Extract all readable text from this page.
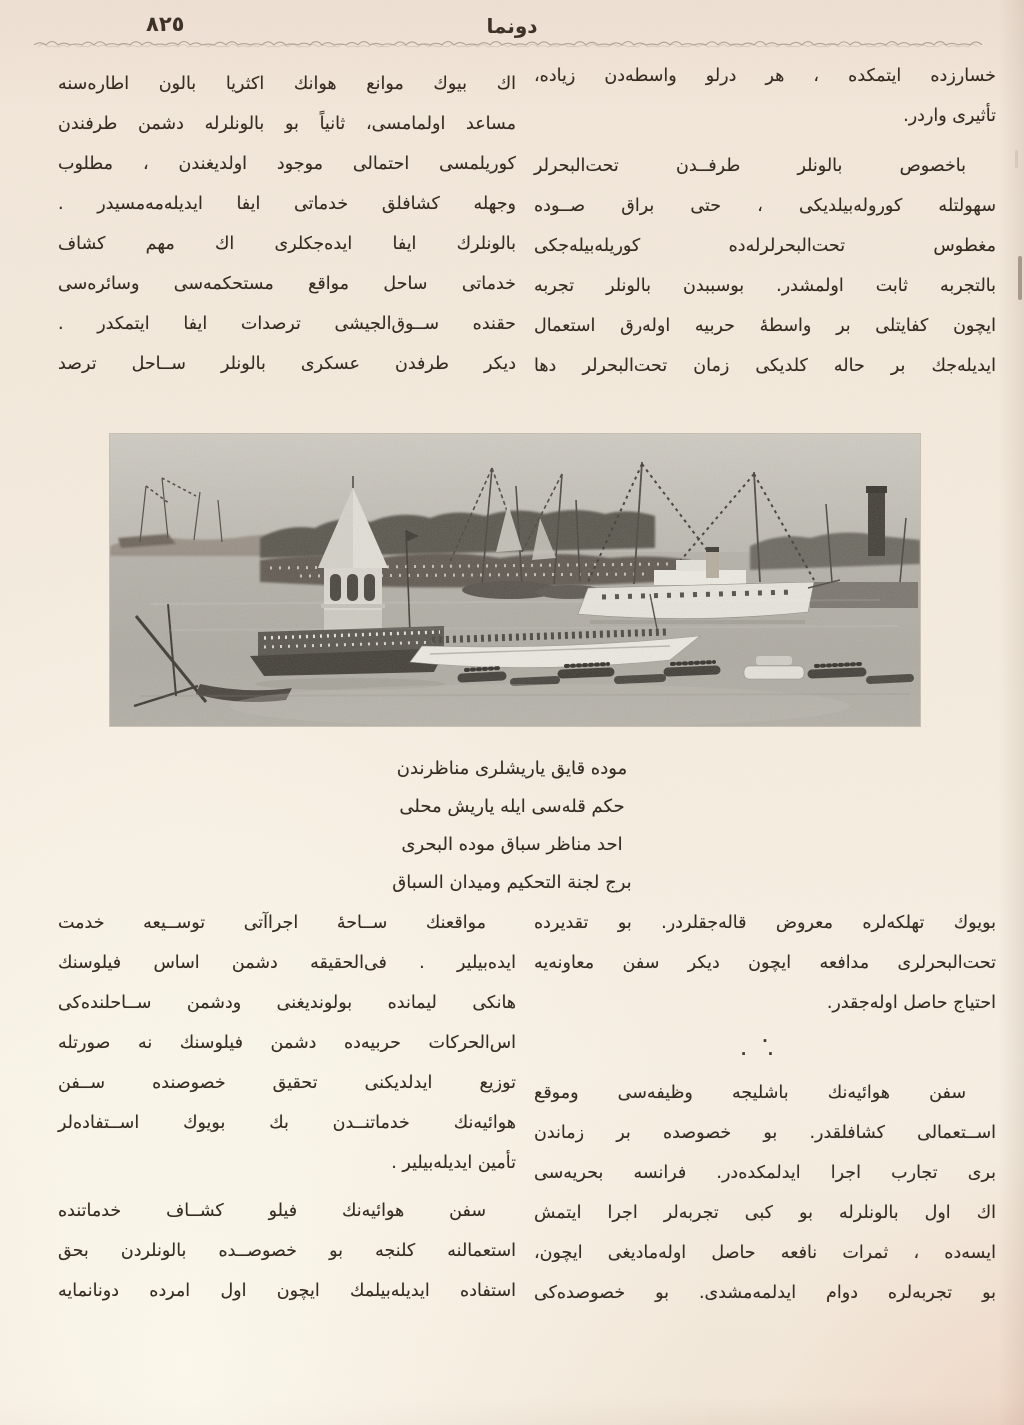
٨٢٥	دونما
خسارزده ايتمكده ، هر درلو واسطه‌دن زياده،
تأثيرى واردر.
باخصوص بالونلر طرفــدن تحت‌البحرلر
سهولتله كوروله‌بيلديكى ، حتى براق صــوده
مغطوس تحت‌البحرلرله‌ده كوريله‌بيله‌جكى
بالتجربه ثابت اولمشدر. بوسببدن بالونلر تجربه
ايچون كفايتلى بر واسطهٔ حربيه اوله‌رق استعمال
ايديله‌جك بر حاله كلديكى زمان تحت‌البحرلر دها
اك بيوك موانع هوانك اكثريا بالون اطاره‌سنه
مساعد اولمامسى، ثانياً بو بالونلرله دشمن طرفندن
كوريلمسى احتمالى موجود اولديغندن ، مطلوب
وجهله كشافلق خدماتى ايفا ايديله‌مه‌مسيدر .
بالونلرك ايفا ايده‌جكلرى اك مهم كشاف
خدماتى ساحل مواقع مستحكمه‌سى وسائره‌سى
حقنده ســوق‌الجيشى ترصدات ايفا ايتمكدر .
ديكر طرفدن عسكرى بالونلر ســاحل ترصد
موده قايق ياريشلرى مناظرندن
حكم قله‌سى ايله ياريش محلى
احد مناظر سباق موده البحرى
برج لجنة التحكيم وميدان السباق
بويوك تهلكه‌لره معروض قاله‌جقلردر. بو تقديرده
تحت‌البحرلرى مدافعه ايچون ديكر سفن معاونه‌يه
احتياج حاصل اوله‌جقدر.
·
· ·
سفن هوائيه‌نك باشليجه وظيفه‌سى وموقع
اســتعمالى كشافلقدر. بو خصوصده بر زماندن
برى تجارب اجرا ايدلمكده‌در. فرانسه بحريه‌سى
اك اول بالونلرله بو كبى تجربه‌لر اجرا ايتمش
ايسه‌ده ، ثمرات نافعه حاصل اوله‌ماديغى ايچون،
بو تجربه‌لره دوام ايدلمه‌مشدى. بو خصوصده‌كى
مواقعنك ســاحهٔ اجراآتى توســيعه خدمت
ايده‌بيلير . فى‌الحقيقه دشمن اساس فيلوسنك
هانكى ليمانده بولونديغنى ودشمن ســاحلنده‌كى
اس‌الحركات حربيه‌ده دشمن فيلوسنك نه صورتله
توزيع ايدلديكنى تحقيق خصوصنده ســفن
هوائيه‌نك خدماتنــدن بك بويوك اســتفاده‌لر
تأمين ايديله‌بيلير .
سفن هوائيه‌نك فيلو كشــاف خدماتنده
استعمالنه كلنجه بو خصوصــده بالونلردن بحق
استفاده ايديله‌بيلمك ايچون اول امرده دونانمايه
